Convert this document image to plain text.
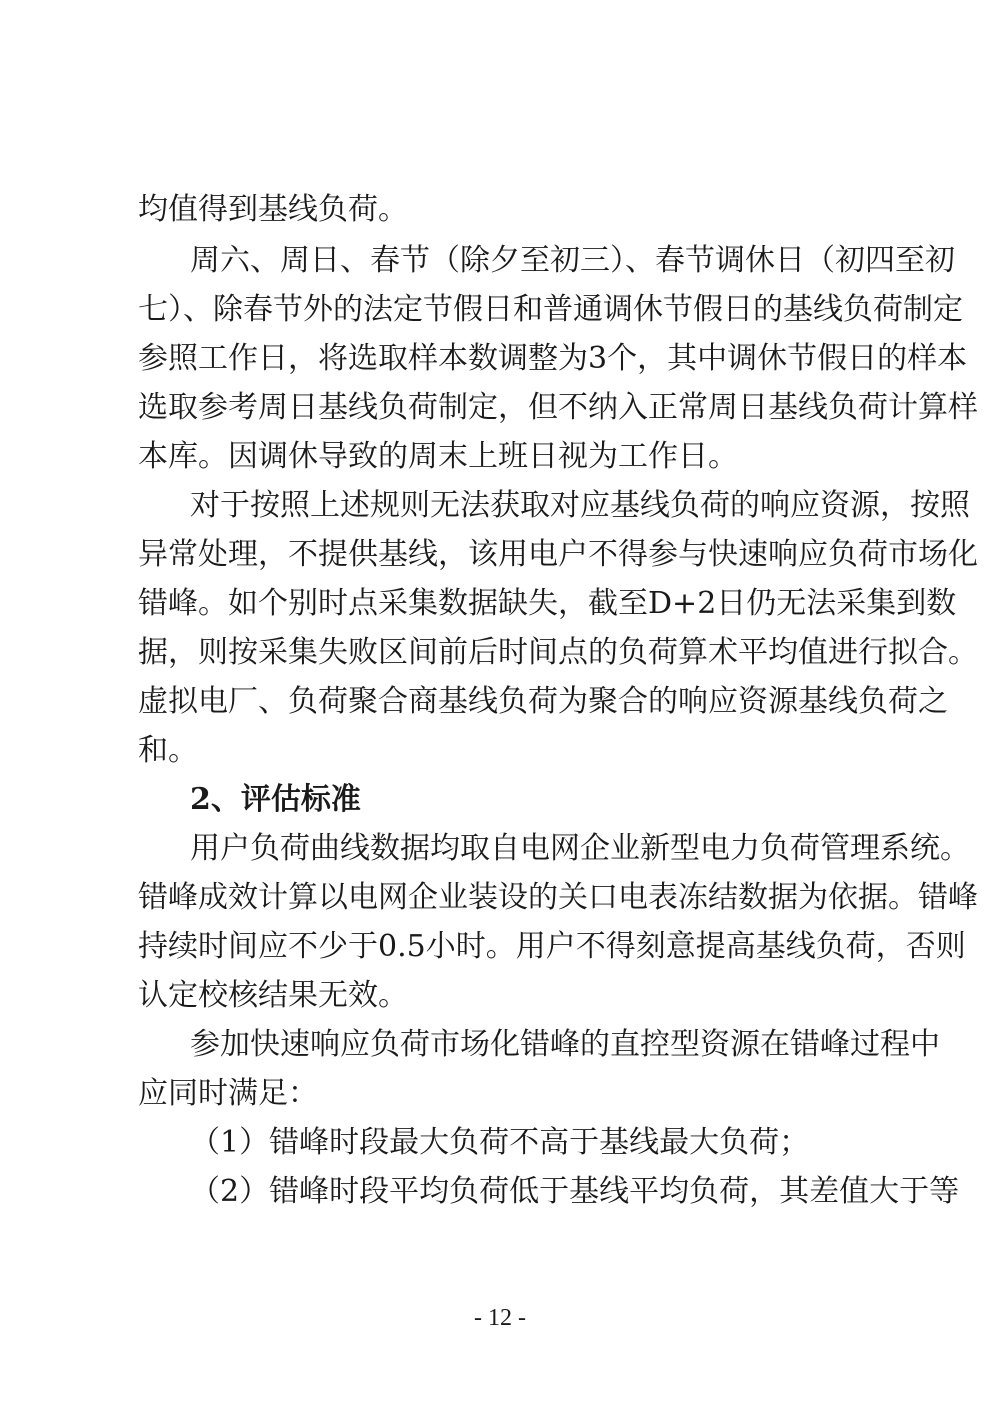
均值得到基线负荷。
周六、周日、春节（除夕至初三）、春节调休日（初四至初
七）、除春节外的法定节假日和普通调休节假日的基线负荷制定
参照工作日，将选取样本数调整为3个，其中调休节假日的样本
选取参考周日基线负荷制定，但不纳入正常周日基线负荷计算样
本库。因调休导致的周末上班日视为工作日。
对于按照上述规则无法获取对应基线负荷的响应资源，按照
异常处理，不提供基线，该用电户不得参与快速响应负荷市场化
错峰。如个别时点采集数据缺失，截至D+2日仍无法采集到数
据，则按采集失败区间前后时间点的负荷算术平均值进行拟合。
虚拟电厂、负荷聚合商基线负荷为聚合的响应资源基线负荷之
和。
2、评估标准
用户负荷曲线数据均取自电网企业新型电力负荷管理系统。
错峰成效计算以电网企业装设的关口电表冻结数据为依据。错峰
持续时间应不少于0.5小时。用户不得刻意提高基线负荷，否则
认定校核结果无效。
参加快速响应负荷市场化错峰的直控型资源在错峰过程中
应同时满足：
（1）错峰时段最大负荷不高于基线最大负荷；
（2）错峰时段平均负荷低于基线平均负荷，其差值大于等
- 12 -
